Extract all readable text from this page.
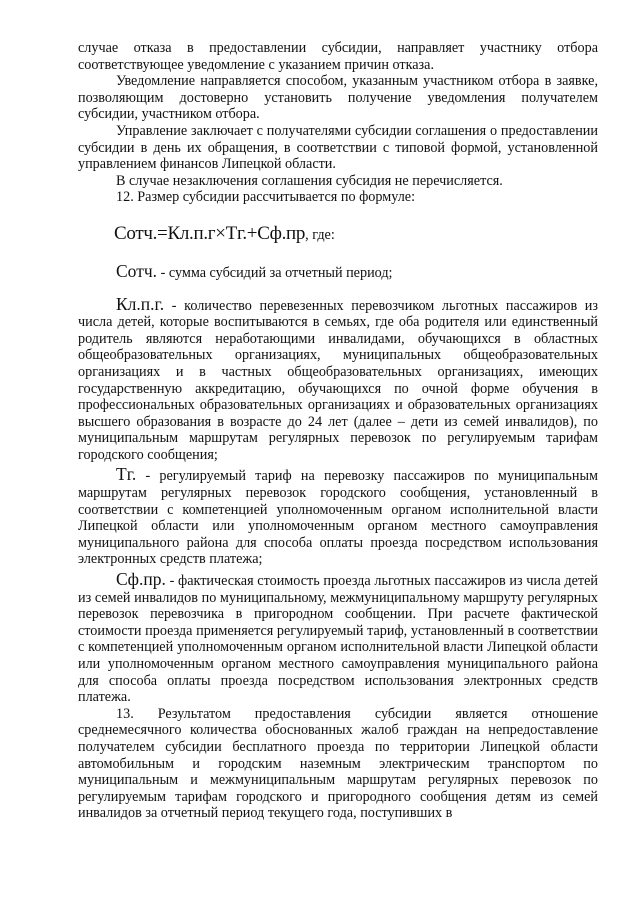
случае отказа в предоставлении субсидии, направляет участнику отбора соответствующее уведомление с указанием причин отказа.

Уведомление направляется способом, указанным участником отбора в заявке, позволяющим достоверно установить получение уведомления получателем субсидии, участником отбора.

Управление заключает с получателями субсидии соглашения о предоставлении субсидии в день их обращения, в соответствии с типовой формой, установленной управлением финансов Липецкой области.

В случае незаключения соглашения субсидия не перечисляется.

12. Размер субсидии рассчитывается по формуле:

Сотч.=Кл.п.г×Тг.+Сф.пр, где:

Сотч. - сумма субсидий за отчетный период;

Кл.п.г. - количество перевезенных перевозчиком льготных пассажиров из числа детей, которые воспитываются в семьях, где оба родителя или единственный родитель являются неработающими инвалидами, обучающихся в областных общеобразовательных организациях, муниципальных общеобразовательных организациях и в частных общеобразовательных организациях, имеющих государственную аккредитацию, обучающихся по очной форме обучения в профессиональных образовательных организациях и образовательных организациях высшего образования в возрасте до 24 лет (далее – дети из семей инвалидов), по муниципальным маршрутам регулярных перевозок по регулируемым тарифам городского сообщения;

Тг. - регулируемый тариф на перевозку пассажиров по муниципальным маршрутам регулярных перевозок городского сообщения, установленный в соответствии с компетенцией уполномоченным органом исполнительной власти Липецкой области или уполномоченным органом местного самоуправления муниципального района для способа оплаты проезда посредством использования электронных средств платежа;

Сф.пр. - фактическая стоимость проезда льготных пассажиров из числа детей из семей инвалидов по муниципальному, межмуниципальному маршруту регулярных перевозок перевозчика в пригородном сообщении. При расчете фактической стоимости проезда применяется регулируемый тариф, установленный в соответствии с компетенцией уполномоченным органом исполнительной власти Липецкой области или уполномоченным органом местного самоуправления муниципального района для способа оплаты проезда посредством использования электронных средств платежа.

13. Результатом предоставления субсидии является отношение среднемесячного количества обоснованных жалоб граждан на непредоставление получателем субсидии бесплатного проезда по территории Липецкой области автомобильным и городским наземным электрическим транспортом по муниципальным и межмуниципальным маршрутам регулярных перевозок по регулируемым тарифам городского и пригородного сообщения детям из семей инвалидов за отчетный период текущего года, поступивших в
